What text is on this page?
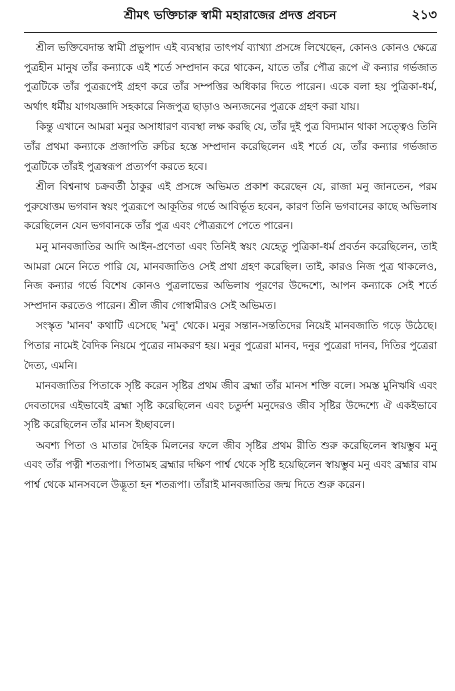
শ্রীমৎ ভক্তিচারু স্বামী মহারাজের প্রদত্ত প্রবচন	২১৩

শ্রীল ভক্তিবেদান্ত স্বামী প্রভুপাদ এই ব্যবস্থার তাৎপর্য ব্যাখ্যা প্রসঙ্গে লিখেছেন, কোনও কোনও ক্ষেত্রে পুত্রহীন মানুষ তাঁর কন্যাকে এই শর্তে সম্প্রদান করে থাকেন, যাতে তাঁর পৌত্র রূপে ঐ কন্যার গর্ভজাত পুত্রটিকে তাঁর পুত্ররূপেই গ্রহণ করে তাঁর সম্পত্তির অধিকার দিতে পারেন। একে বলা হয় পুত্রিকা-ধর্ম, অর্থাৎ ধর্মীয় যাগযজ্ঞাদি সহকারে নিজপুত্র ছাড়াও অন্যজনের পুত্রকে গ্রহণ করা যায়।

কিন্তু এখানে আমরা মনুর অসাধারণ ব্যবস্থা লক্ষ করছি যে, তাঁর দুই পুত্র বিদ্যমান থাকা সত্ত্বেও তিনি তাঁর প্রথমা কন্যাকে প্রজাপতি রুচির হস্তে সম্প্রদান করেছিলেন এই শর্তে যে, তাঁর কন্যার গর্ভজাত পুত্রটিকে তাঁরই পুত্রস্বরূপ প্রত্যর্পণ করতে হবে।

শ্রীল বিশ্বনাথ চক্রবর্তী ঠাকুর এই প্রসঙ্গে অভিমত প্রকাশ করেছেন যে, রাজা মনু জানতেন, পরম পুরুষোত্তম ভগবান স্বয়ং পুত্ররূপে আকূতির গর্ভে আবির্ভূত হবেন, কারণ তিনি ভগবানের কাছে অভিলাষ করেছিলেন যেন ভগবানকে তাঁর পুত্র এবং পৌত্ররূপে পেতে পারেন।

মনু মানবজাতির আদি আইন-প্রণেতা এবং তিনিই স্বয়ং যেহেতু পুত্রিকা-ধর্ম প্রবর্তন করেছিলেন, তাই আমরা মেনে নিতে পারি যে, মানবজাতিও সেই প্রথা গ্রহণ করেছিল। তাই, কারও নিজ পুত্র থাকলেও, নিজ কন্যার গর্ভে বিশেষ কোনও পুত্রলাভের অভিলাষ পূরণের উদ্দেশ্যে, আপন কন্যাকে সেই শর্তে সম্প্রদান করতেও পারেন। শ্রীল জীব গোস্বামীরও সেই অভিমত।

সংস্কৃত 'মানব' কথাটি এসেছে 'মনু' থেকে। মনুর সন্তান-সন্ততিদের নিয়েই মানবজাতি গড়ে উঠেছে। পিতার নামেই বৈদিক নিয়মে পুত্রের নামকরণ হয়। মনুর পুত্রেরা মানব, দনুর পুত্রেরা দানব, দিতির পুত্রেরা দৈত্য, এমনি।

মানবজাতির পিতাকে সৃষ্টি করেন সৃষ্টির প্রথম জীব ব্রহ্মা তাঁর মানস শক্তি বলে। সমস্ত মুনিঋষি এবং দেবতাদের এইভাবেই ব্রহ্মা সৃষ্টি করেছিলেন এবং চতুর্দশ মনুদেরও জীব সৃষ্টির উদ্দেশ্যে ঐ একইভাবে সৃষ্টি করেছিলেন তাঁর মানস ইচ্ছাবলে।

অবশ্য পিতা ও মাতার দৈহিক মিলনের ফলে জীব সৃষ্টির প্রথম রীতি শুরু করেছিলেন স্বায়ম্ভুব মনু এবং তাঁর পত্নী শতরূপা। পিতামহ ব্রহ্মার দক্ষিণ পার্শ্ব থেকে সৃষ্টি হয়েছিলেন স্বায়ম্ভুব মনু এবং ব্রহ্মার বাম পার্শ্ব থেকে মানসবলে উদ্ভূতা হন শতরূপা। তাঁরাই মানবজাতির জন্ম দিতে শুরু করেন।
